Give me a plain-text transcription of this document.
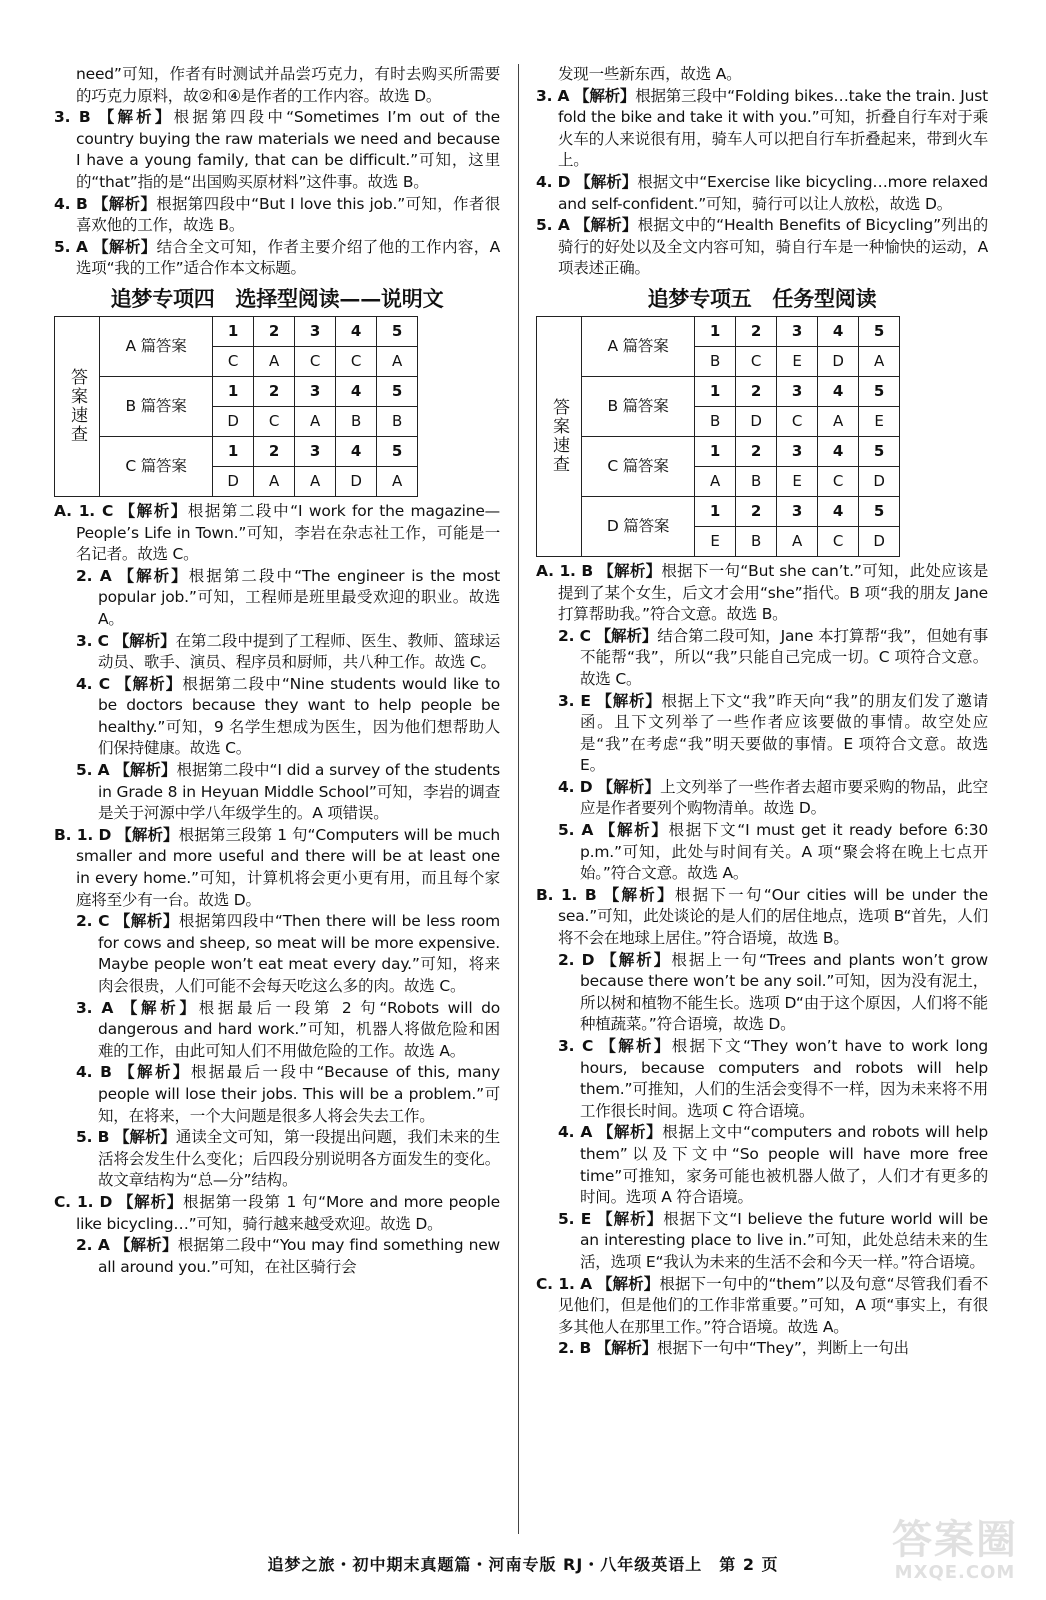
need”可知，作者有时测试并品尝巧克力，有时去购买所需要的巧克力原料，故②和④是作者的工作内容。故选 D。

3. B 【解析】根据第四段中“Sometimes I’m out of the country buying the raw materials we need and because I have a young family, that can be difficult.”可知，这里的“that”指的是“出国购买原材料”这件事。故选 B。

4. B 【解析】根据第四段中“But I love this job.”可知，作者很喜欢他的工作，故选 B。

5. A 【解析】结合全文可知，作者主要介绍了他的工作内容，A 选项“我的工作”适合作本文标题。

追梦专项四　选择型阅读——说明文
答案速查	A 篇答案	1	2	3	4	5
		C	A	C	C	A
	B 篇答案	1	2	3	4	5
		D	C	A	B	B
	C 篇答案	1	2	3	4	5
		D	A	A	D	A

A. 1. C 【解析】根据第二段中“I work for the magazine—People’s Life in Town.”可知，李岩在杂志社工作，可能是一名记者。故选 C。

2. A 【解析】根据第二段中“The engineer is the most popular job.”可知，工程师是班里最受欢迎的职业。故选 A。

3. C 【解析】在第二段中提到了工程师、医生、教师、篮球运动员、歌手、演员、程序员和厨师，共八种工作。故选 C。

4. C 【解析】根据第二段中“Nine students would like to be doctors because they want to help people be healthy.”可知，9 名学生想成为医生，因为他们想帮助人们保持健康。故选 C。

5. A 【解析】根据第二段中“I did a survey of the students in Grade 8 in Heyuan Middle School”可知，李岩的调查是关于河源中学八年级学生的。A 项错误。

B. 1. D 【解析】根据第三段第 1 句“Computers will be much smaller and more useful and there will be at least one in every home.”可知，计算机将会更小更有用，而且每个家庭将至少有一台。故选 D。

2. C 【解析】根据第四段中“Then there will be less room for cows and sheep, so meat will be more expensive. Maybe people won’t eat meat every day.”可知，将来肉会很贵，人们可能不会每天吃这么多的肉。故选 C。

3. A 【解析】根据最后一段第 2 句“Robots will do dangerous and hard work.”可知，机器人将做危险和困难的工作，由此可知人们不用做危险的工作。故选 A。

4. B 【解析】根据最后一段中“Because of this, many people will lose their jobs. This will be a problem.”可知，在将来，一个大问题是很多人将会失去工作。

5. B 【解析】通读全文可知，第一段提出问题，我们未来的生活将会发生什么变化；后四段分别说明各方面发生的变化。故文章结构为“总—分”结构。

C. 1. D 【解析】根据第一段第 1 句“More and more people like bicycling…”可知，骑行越来越受欢迎。故选 D。

2. A 【解析】根据第二段中“You may find something new all around you.”可知，在社区骑行会

发现一些新东西，故选 A。

3. A 【解析】根据第三段中“Folding bikes…take the train. Just fold the bike and take it with you.”可知，折叠自行车对于乘火车的人来说很有用，骑车人可以把自行车折叠起来，带到火车上。

4. D 【解析】根据文中“Exercise like bicycling…more relaxed and self-confident.”可知，骑行可以让人放松，故选 D。

5. A 【解析】根据文中的“Health Benefits of Bicycling”列出的骑行的好处以及全文内容可知，骑自行车是一种愉快的运动，A 项表述正确。

追梦专项五　任务型阅读
答案速查	A 篇答案	1	2	3	4	5
		B	C	E	D	A
	B 篇答案	1	2	3	4	5
		B	D	C	A	E
	C 篇答案	1	2	3	4	5
		A	B	E	C	D
	D 篇答案	1	2	3	4	5
		E	B	A	C	D

A. 1. B 【解析】根据下一句“But she can’t.”可知，此处应该是提到了某个女生，后文才会用“she”指代。B 项“我的朋友 Jane 打算帮助我。”符合文意。故选 B。

2. C 【解析】结合第二段可知，Jane 本打算帮“我”，但她有事不能帮“我”，所以“我”只能自己完成一切。C 项符合文意。故选 C。

3. E 【解析】根据上下文“我”昨天向“我”的朋友们发了邀请函。且下文列举了一些作者应该要做的事情。故空处应是“我”在考虑“我”明天要做的事情。E 项符合文意。故选 E。

4. D 【解析】上文列举了一些作者去超市要采购的物品，此空应是作者要列个购物清单。故选 D。

5. A 【解析】根据下文“I must get it ready before 6:30 p.m.”可知，此处与时间有关。A 项“聚会将在晚上七点开始。”符合文意。故选 A。

B. 1. B 【解析】根据下一句“Our cities will be under the sea.”可知，此处谈论的是人们的居住地点，选项 B“首先，人们将不会在地球上居住。”符合语境，故选 B。

2. D 【解析】根据上一句“Trees and plants won’t grow because there won’t be any soil.”可知，因为没有泥土，所以树和植物不能生长。选项 D“由于这个原因，人们将不能种植蔬菜。”符合语境，故选 D。

3. C 【解析】根据下文“They won’t have to work long hours, because computers and robots will help them.”可推知，人们的生活会变得不一样，因为未来将不用工作很长时间。选项 C 符合语境。

4. A 【解析】根据上文中“computers and robots will help them”以及下文中“So people will have more free time”可推知，家务可能也被机器人做了，人们才有更多的时间。选项 A 符合语境。

5. E 【解析】根据下文“I believe the future world will be an interesting place to live in.”可知，此处总结未来的生活，选项 E“我认为未来的生活不会和今天一样。”符合语境。

C. 1. A 【解析】根据下一句中的“them”以及句意“尽管我们看不见他们，但是他们的工作非常重要。”可知，A 项“事实上，有很多其他人在那里工作。”符合语境。故选 A。

2. B 【解析】根据下一句中“They”，判断上一句出

追梦之旅・初中期末真题篇・河南专版 RJ・八年级英语上　第 2 页
答案圈
MXQE.COM
